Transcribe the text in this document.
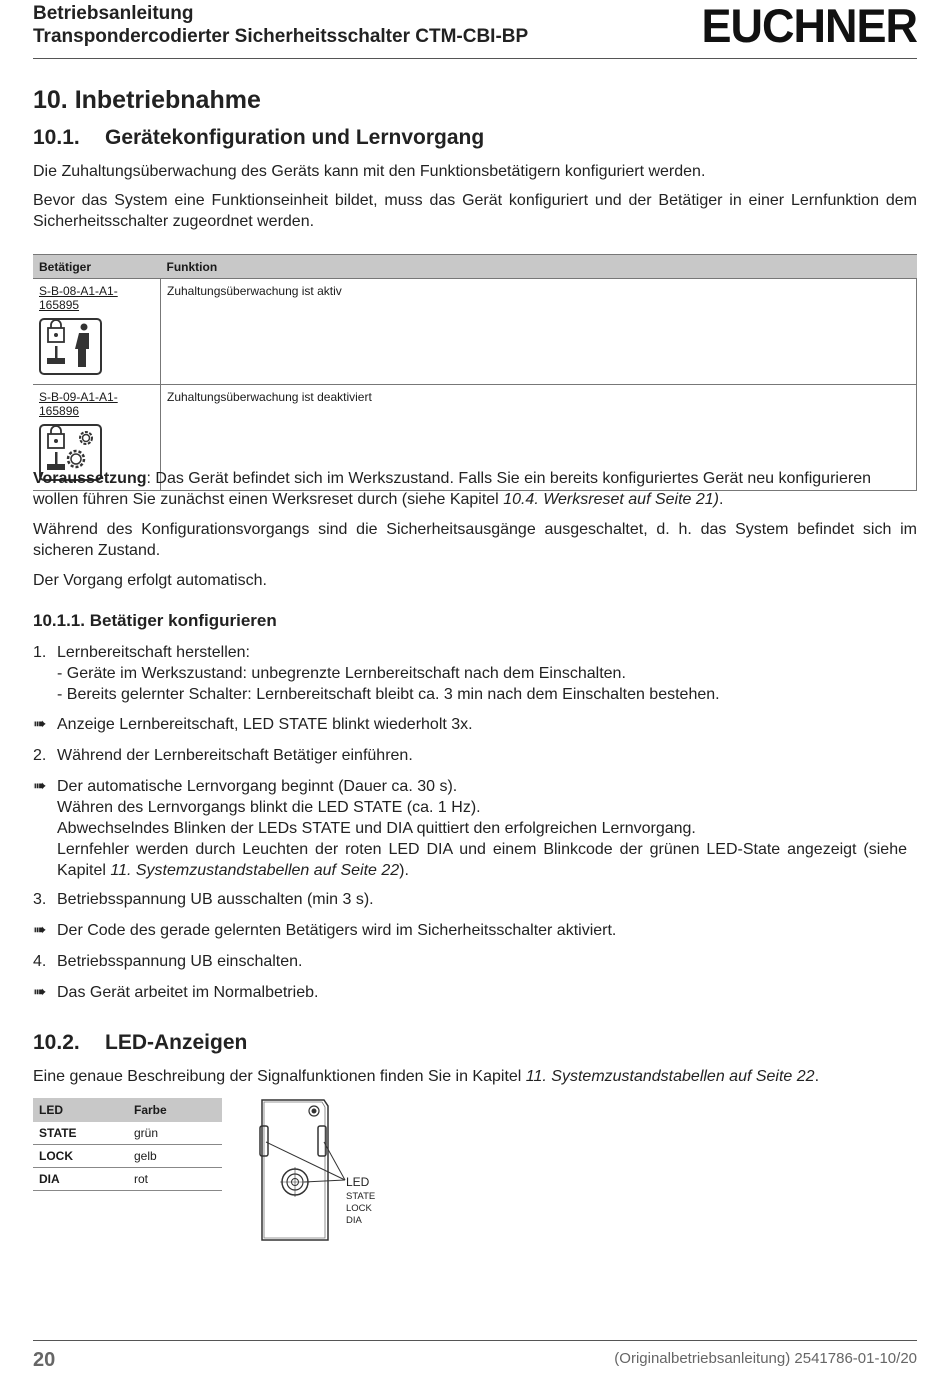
Betriebsanleitung
Transpondercodierter Sicherheitsschalter CTM-CBI-BP	EUCHNER
10. Inbetriebnahme
10.1. Gerätekonfiguration und Lernvorgang
Die Zuhaltungsüberwachung des Geräts kann mit den Funktionsbetätigern konfiguriert werden.
Bevor das System eine Funktionseinheit bildet, muss das Gerät konfiguriert und der Betätiger in einer Lernfunktion dem Sicherheitsschalter zugeordnet werden.
Betätiger	Funktion

S-B-08-A1-A1-165895	Zuhaltungsüberwachung ist aktiv

S-B-09-A1-A1-165896	Zuhaltungsüberwachung ist deaktiviert
Voraussetzung: Das Gerät befindet sich im Werkszustand. Falls Sie ein bereits konfiguriertes Gerät neu konfigurieren wollen führen Sie zunächst einen Werksreset durch (siehe Kapitel 10.4. Werksreset auf Seite 21).
Während des Konfigurationsvorgangs sind die Sicherheitsausgänge ausgeschaltet, d. h. das System befindet sich im sicheren Zustand.
Der Vorgang erfolgt automatisch.
10.1.1. Betätiger konfigurieren
1. Lernbereitschaft herstellen:
- Geräte im Werkszustand: unbegrenzte Lernbereitschaft nach dem Einschalten.
- Bereits gelernter Schalter: Lernbereitschaft bleibt ca. 3 min nach dem Einschalten bestehen.
➠ Anzeige Lernbereitschaft, LED STATE blinkt wiederholt 3x.
2. Während der Lernbereitschaft Betätiger einführen.
➠ Der automatische Lernvorgang beginnt (Dauer ca. 30 s).
Währen des Lernvorgangs blinkt die LED STATE (ca. 1 Hz).
Abwechselndes Blinken der LEDs STATE und DIA quittiert den erfolgreichen Lernvorgang.
Lernfehler werden durch Leuchten der roten LED DIA und einem Blinkcode der grünen LED-State angezeigt (siehe Kapitel 11. Systemzustandstabellen auf Seite 22).
3. Betriebsspannung UB ausschalten (min 3 s).
➠ Der Code des gerade gelernten Betätigers wird im Sicherheitsschalter aktiviert.
4. Betriebsspannung UB einschalten.
➠ Das Gerät arbeitet im Normalbetrieb.
10.2. LED-Anzeigen
Eine genaue Beschreibung der Signalfunktionen finden Sie in Kapitel 11. Systemzustandstabellen auf Seite 22.
LED	Farbe
STATE	grün
LOCK	gelb
DIA	rot	LED
STATE
LOCK
DIA
20	(Originalbetriebsanleitung) 2541786-01-10/20
